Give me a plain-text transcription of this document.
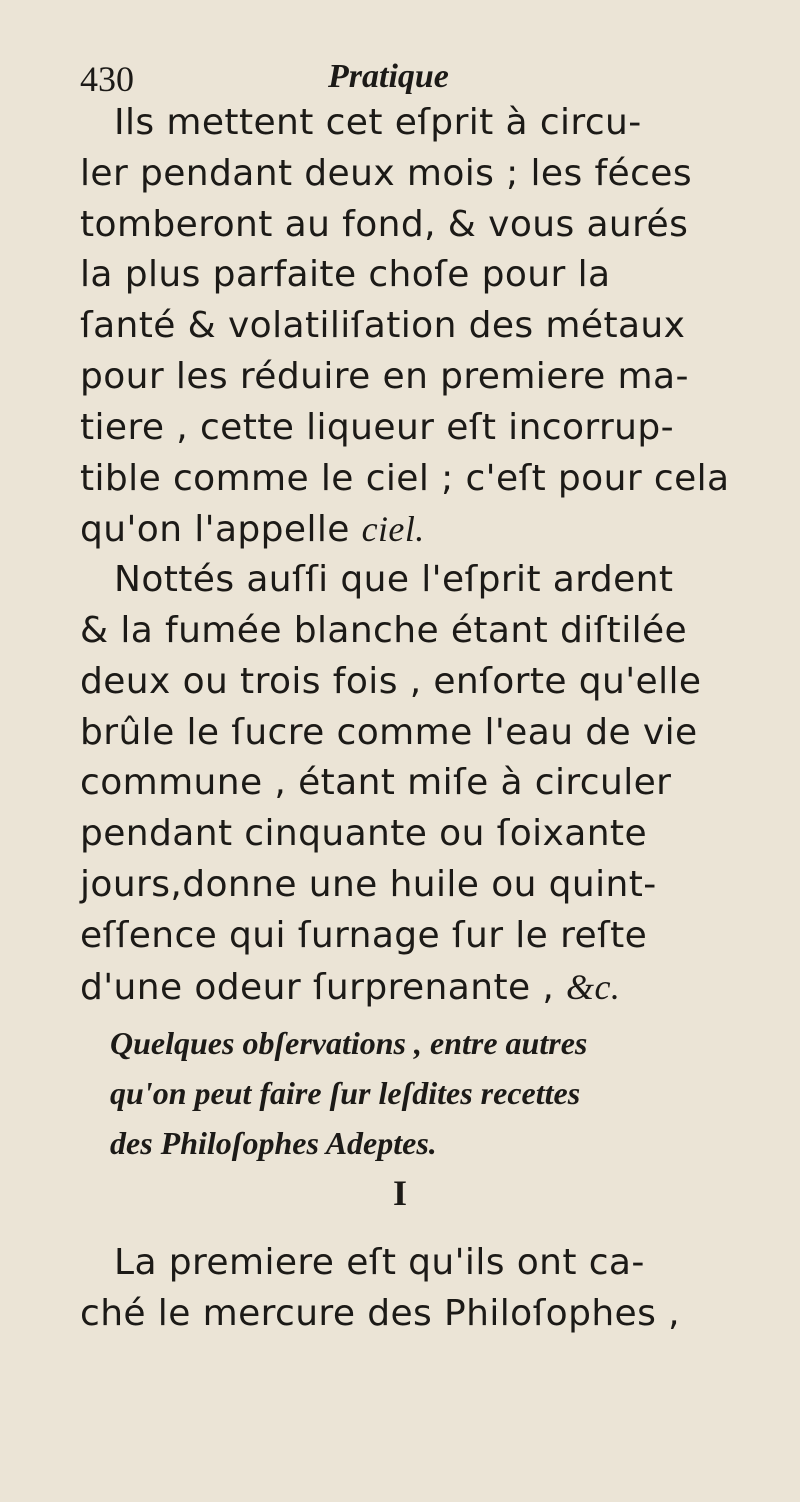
430	Pratique
Ils mettent cet eſprit à circu-
ler pendant deux mois ; les féces
tomberont au fond, & vous aurés
la plus parfaite choſe pour la
ſanté & volatiliſation des métaux
pour les réduire en premiere ma-
tiere , cette liqueur eſt incorrup-
tible comme le ciel ; c'eſt pour cela
qu'on l'appelle ciel.
Nottés auſſi que l'eſprit ardent
& la fumée blanche étant diſtilée
deux ou trois fois , enſorte qu'elle
brûle le ſucre comme l'eau de vie
commune , étant miſe à circuler
pendant cinquante ou ſoixante
jours,donne une huile ou quint-
eſſence qui ſurnage ſur le reſte
d'une odeur ſurprenante , &c.
Quelques obſervations , entre autres
qu'on peut faire ſur leſdites recettes
des Philoſophes Adeptes.
I
La premiere eſt qu'ils ont ca-
ché le mercure des Philoſophes ,
